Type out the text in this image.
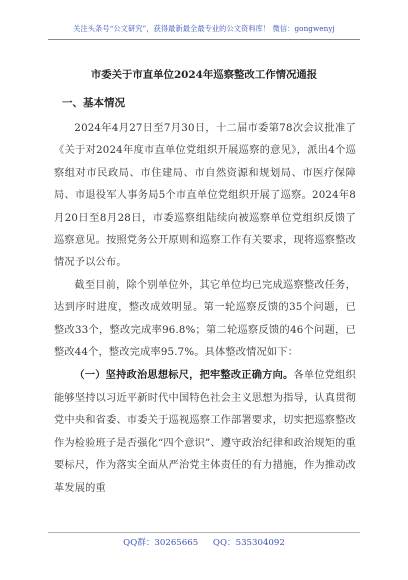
关注头条号“公文研究”，获得最新最全最专业的公文资料库！ 微信：gongwenyj
市委关于市直单位2024年巡察整改工作情况通报
一、基本情况

2024年4月27日至7月30日，十二届市委第78次会议批准了《关于对2024年度市直单位党组织开展巡察的意见》，派出4个巡察组对市民政局、市住建局、市自然资源和规划局、市医疗保障局、市退役军人事务局5个市直单位党组织开展了巡察。2024年8月20日至8月28日，市委巡察组陆续向被巡察单位党组织反馈了巡察意见。按照党务公开原则和巡察工作有关要求，现将巡察整改情况予以公布。

截至目前，除个别单位外，其它单位均已完成巡察整改任务，达到序时进度，整改成效明显。第一轮巡察反馈的35个问题，已整改33个，整改完成率96.8%；第二轮巡察反馈的46个问题，已整改44个，整改完成率95.7%。具体整改情况如下：

（一）坚持政治思想标尺，把牢整改正确方向。各单位党组织能够坚持以习近平新时代中国特色社会主义思想为指导，认真贯彻党中央和省委、市委关于巡视巡察工作部署要求，切实把巡察整改作为检验班子是否强化“四个意识”、遵守政治纪律和政治规矩的重要标尺，作为落实全面从严治党主体责任的有力措施，作为推动改革发展的重

QQ群：30265665 QQ：535304092
